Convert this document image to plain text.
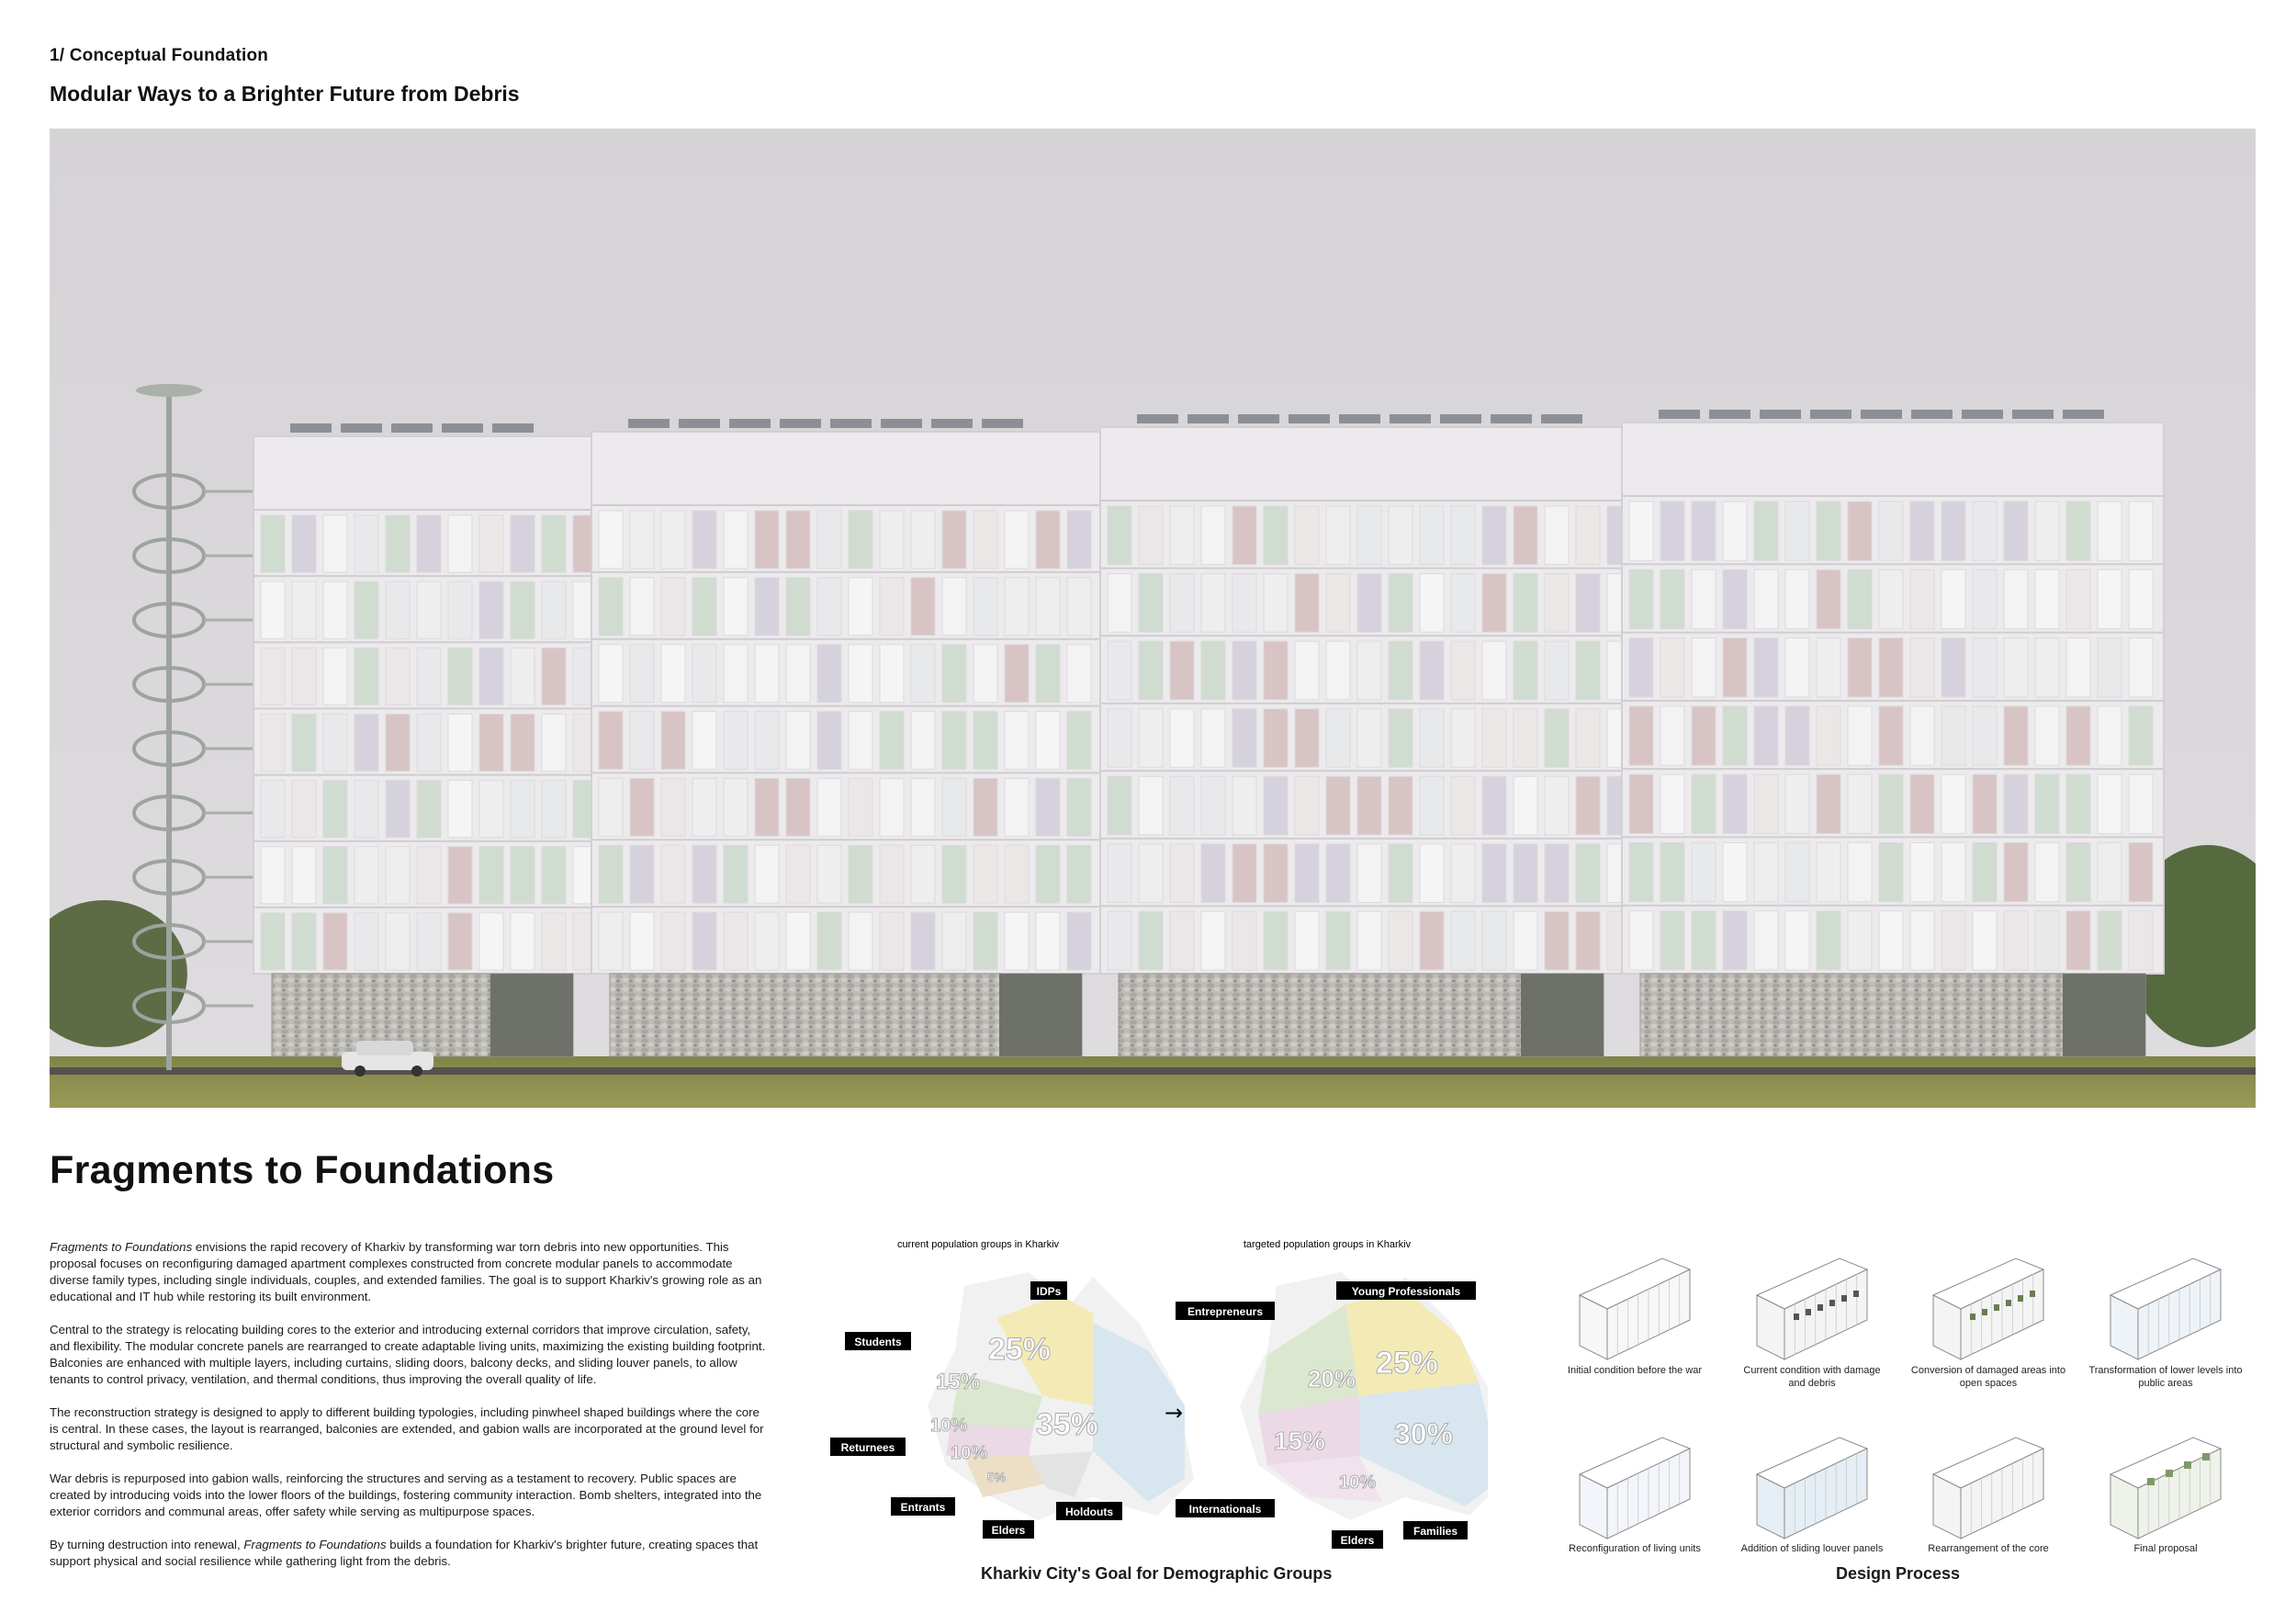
1/ Conceptual Foundation
Modular Ways to a Brighter Future from Debris
Fragments to Foundations

Fragments to Foundations envisions the rapid recovery of Kharkiv by transforming war torn debris into new opportunities. This proposal focuses on reconfiguring damaged apartment complexes constructed from concrete modular panels to accommodate diverse family types, including single individuals, couples, and extended families. The goal is to support Kharkiv's growing role as an educational and IT hub while restoring its built environment.

Central to the strategy is relocating building cores to the exterior and introducing external corridors that improve circulation, safety, and flexibility. The modular concrete panels are rearranged to create adaptable living units, maximizing the existing building footprint. Balconies are enhanced with multiple layers, including curtains, sliding doors, balcony decks, and sliding louver panels, to allow tenants to control privacy, ventilation, and thermal conditions, thus improving the overall quality of life.

The reconstruction strategy is designed to apply to different building typologies, including pinwheel shaped buildings where the core is central. In these cases, the layout is rearranged, balconies are extended, and gabion walls are incorporated at the ground level for structural and symbolic resilience.

War debris is repurposed into gabion walls, reinforcing the structures and serving as a testament to recovery. Public spaces are created by introducing voids into the lower floors of the buildings, fostering community interaction. Bomb shelters, integrated into the exterior corridors and communal areas, offer safety while serving as multipurpose spaces.

By turning destruction into renewal, Fragments to Foundations builds a foundation for Kharkiv's brighter future, creating spaces that support physical and social resilience while gathering light from the debris.

current population groups in Kharkiv
25%
15%
35%
10%
10%
5%
IDPs
Students
Returnees
Entrants
Elders
Holdouts
→
targeted population groups in Kharkiv
25%
20%
30%
15%
10%
Entrepreneurs
Young Professionals
Internationals
Elders
Families
Kharkiv City's Goal for Demographic Groups
Initial condition before the war	Current condition with damage and debris
Conversion of damaged areas into open spaces
Transformation of lower levels into public areas
Reconfiguration of living units	Addition of sliding louver panels	Rearrangement of the core	Final proposal
Design Process
